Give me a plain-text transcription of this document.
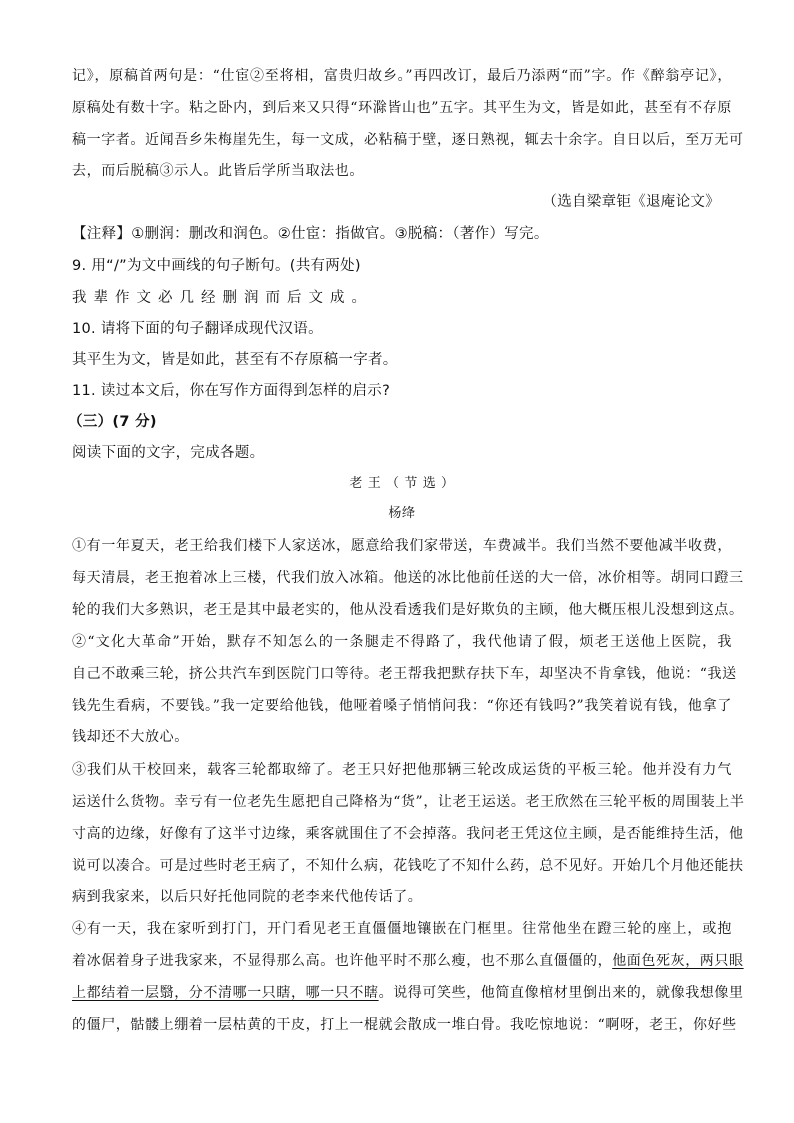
记》，原稿首两句是：“仕宦②至将相，富贵归故乡。”再四改订，最后乃添两“而”字。作《醉翁亭记》，
原稿处有数十字。粘之卧内，到后来又只得“环滁皆山也”五字。其平生为文，皆是如此，甚至有不存原
稿一字者。近闻吾乡朱梅崖先生，每一文成，必粘稿于壁，逐日熟视，辄去十余字。自日以后，至万无可
去，而后脱稿③示人。此皆后学所当取法也。
（选自梁章钜《退庵论文》
【注释】①删润：删改和润色。②仕宦：指做官。③脱稿：（著作）写完。
9. 用“/”为文中画线的句子断句。(共有两处)
我辈作文必几经删润而后文成。
10. 请将下面的句子翻译成现代汉语。
其平生为文，皆是如此，甚至有不存原稿一字者。
11. 读过本文后，你在写作方面得到怎样的启示?
（三）(7 分)
阅读下面的文字，完成各题。
老 王 （ 节 选 ）
杨绛
①有一年夏天，老王给我们楼下人家送冰，愿意给我们家带送，车费减半。我们当然不要他减半收费，
每天清晨，老王抱着冰上三楼，代我们放入冰箱。他送的冰比他前任送的大一倍，冰价相等。胡同口蹬三
轮的我们大多熟识，老王是其中最老实的，他从没看透我们是好欺负的主顾，他大概压根儿没想到这点。
②“文化大革命”开始，默存不知怎么的一条腿走不得路了，我代他请了假，烦老王送他上医院，我
自己不敢乘三轮，挤公共汽车到医院门口等待。老王帮我把默存扶下车，却坚决不肯拿钱，他说：“我送
钱先生看病，不要钱。”我一定要给他钱，他哑着嗓子悄悄问我：“你还有钱吗?”我笑着说有钱，他拿了
钱却还不大放心。
③我们从干校回来，载客三轮都取缔了。老王只好把他那辆三轮改成运货的平板三轮。他并没有力气
运送什么货物。幸亏有一位老先生愿把自己降格为“货”，让老王运送。老王欣然在三轮平板的周围装上半
寸高的边缘，好像有了这半寸边缘，乘客就围住了不会掉落。我问老王凭这位主顾，是否能维持生活，他
说可以凑合。可是过些时老王病了，不知什么病，花钱吃了不知什么药，总不见好。开始几个月他还能扶
病到我家来，以后只好托他同院的老李来代他传话了。
④有一天，我在家听到打门，开门看见老王直僵僵地镶嵌在门框里。往常他坐在蹬三轮的座上，或抱
着冰倨着身子进我家来，不显得那么高。也许他平时不那么瘦，也不那么直僵僵的，他面色死灰，两只眼
上都结着一层翳，分不清哪一只瞎，哪一只不瞎。说得可笑些，他简直像棺材里倒出来的，就像我想像里
的僵尸，骷髅上绷着一层枯黄的干皮，打上一棍就会散成一堆白骨。我吃惊地说：“啊呀，老王，你好些
